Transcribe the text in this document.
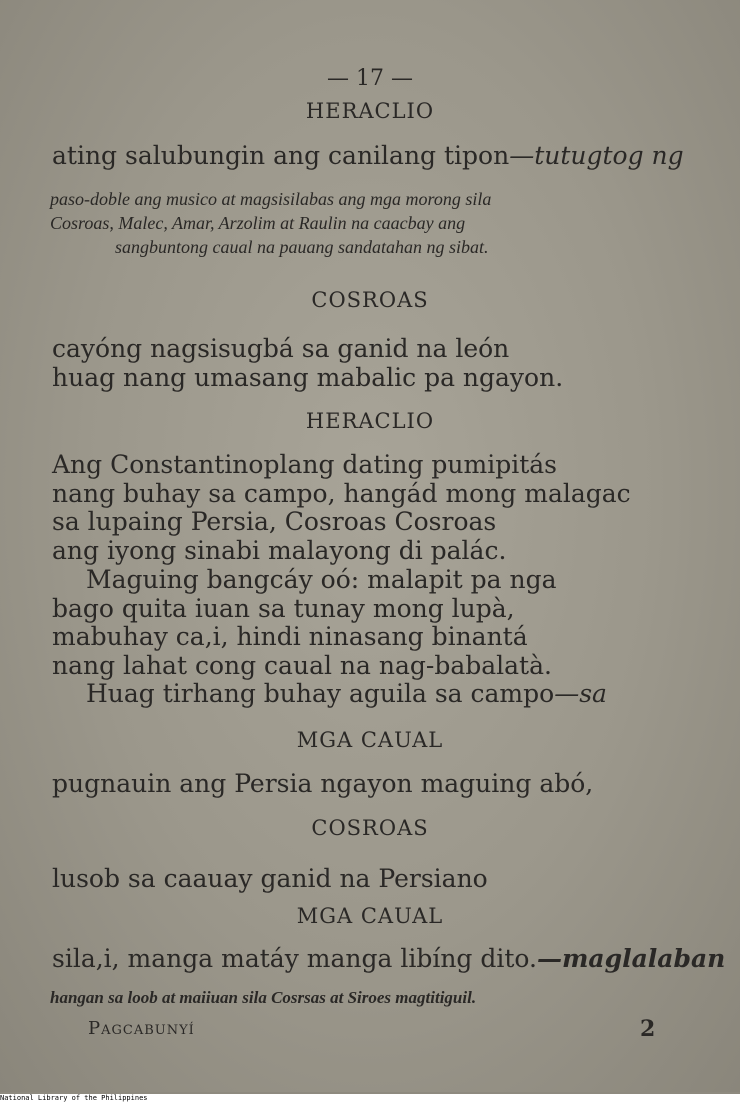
— 17 —
HERACLIO
ating salubungin ang canilang tipon—tutugtog ng
paso-doble ang musico at magsisilabas ang mga morong sila
Cosroas, Malec, Amar, Arzolim at Raulin na caacbay ang
sangbuntong caual na pauang sandatahan ng sibat.
COSROAS
cayóng nagsisugbá sa ganid na león
huag nang umasang mabalic pa ngayon.
HERACLIO
Ang Constantinoplang dating pumipitás
nang buhay sa campo, hangád mong malagac
sa lupaing Persia, Cosroas Cosroas
ang iyong sinabi malayong di palác.
Maguing bangcáy oó: malapit pa nga
bago quita iuan sa tunay mong lupà,
mabuhay ca,i, hindi ninasang binantá
nang lahat cong caual na nag-babalatà.
Huag tirhang buhay aguila sa campo—sa
MGA CAUAL
pugnauin ang Persia ngayon maguing abó,
COSROAS
lusob sa caauay ganid na Persiano
MGA CAUAL
sila,i, manga matáy manga libíng dito.—maglalaban
hangan sa loob at maiiuan sila Cosrsas at Siroes magtitiguil.
Pagcabunyí	2
National Library of the Philippines
